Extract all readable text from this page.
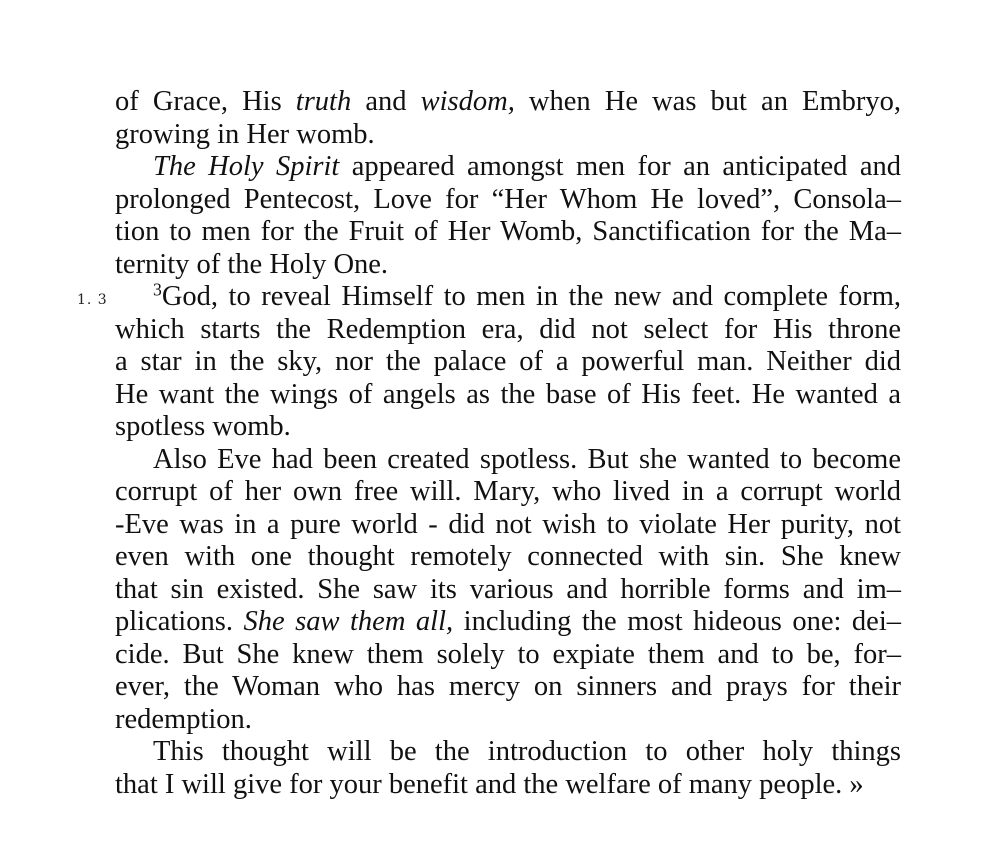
1. 3
of Grace, His truth and wisdom, when He was but an Embryo,
growing in Her womb.
The Holy Spirit appeared amongst men for an anticipated and
prolonged Pentecost, Love for “Her Whom He loved”, Consola–
tion to men for the Fruit of Her Womb, Sanctification for the Ma–
ternity of the Holy One.
$^3$God, to reveal Himself to men in the new and complete form,
which starts the Redemption era, did not select for His throne
a star in the sky, nor the palace of a powerful man. Neither did
He want the wings of angels as the base of His feet. He wanted a
spotless womb.
Also Eve had been created spotless. But she wanted to become
corrupt of her own free will. Mary, who lived in a corrupt world
-Eve was in a pure world - did not wish to violate Her purity, not
even with one thought remotely connected with sin. She knew
that sin existed. She saw its various and horrible forms and im–
plications. She saw them all, including the most hideous one: dei–
cide. But She knew them solely to expiate them and to be, for–
ever, the Woman who has mercy on sinners and prays for their
redemption.
This thought will be the introduction to other holy things
that I will give for your benefit and the welfare of many people. »
